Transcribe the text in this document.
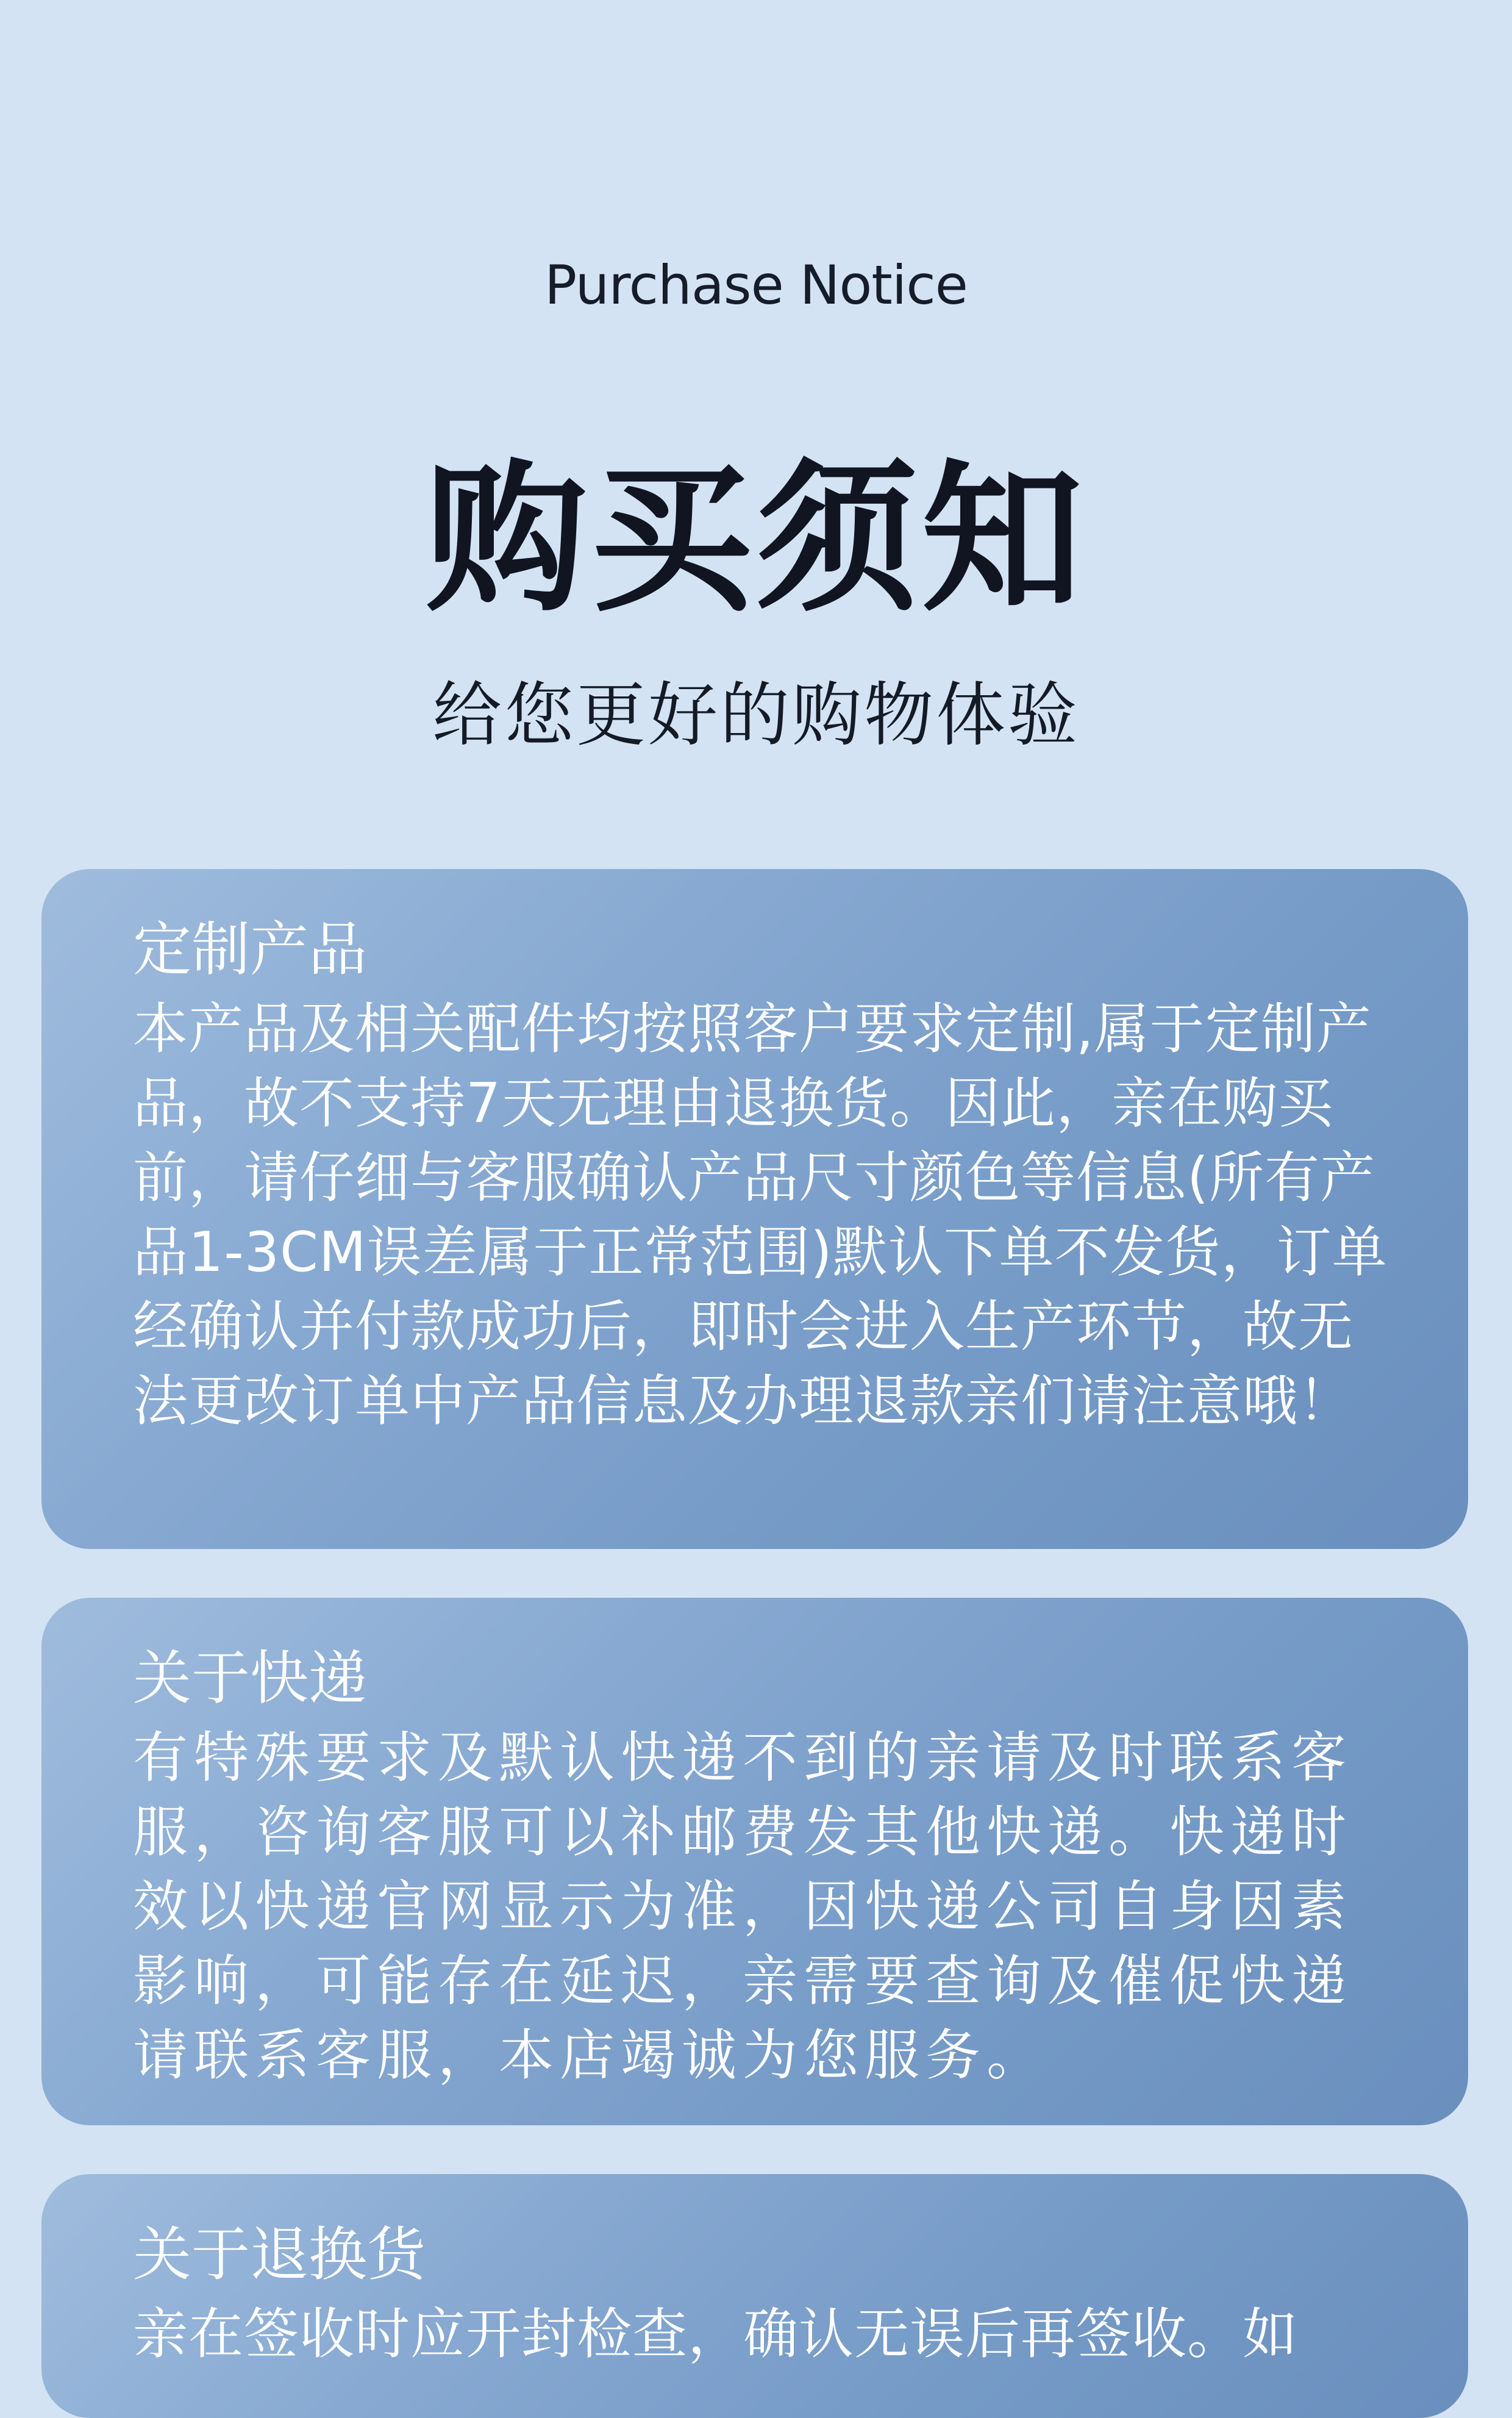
Purchase Notice
购买须知
给您更好的购物体验
定制产品

本产品及相关配件均按照客户要求定制,属于定制产品，故不支持7天无理由退换货。因此，亲在购买前，请仔细与客服确认产品尺寸颜色等信息(所有产品1-3CM误差属于正常范围)默认下单不发货，订单经确认并付款成功后，即时会进入生产环节，故无法更改订单中产品信息及办理退款亲们请注意哦！

关于快递

有特殊要求及默认快递不到的亲请及时联系客服，咨询客服可以补邮费发其他快递。快递时效以快递官网显示为准，因快递公司自身因素影响，可能存在延迟，亲需要查询及催促快递请联系客服，本店竭诚为您服务。

关于退换货

亲在签收时应开封检查，确认无误后再签收。如
